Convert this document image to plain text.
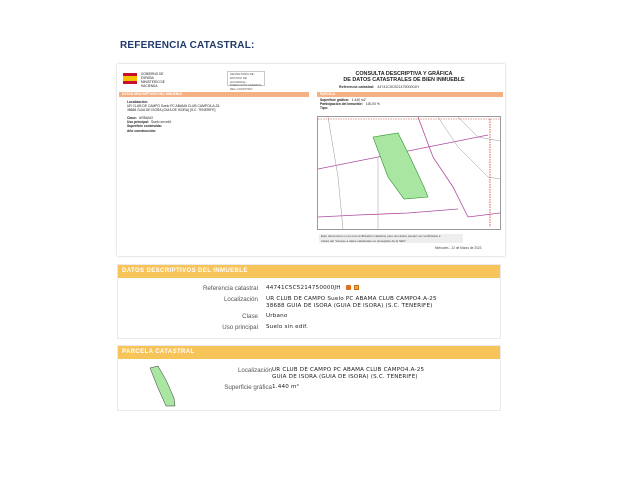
REFERENCIA CATASTRAL:
GOBIERNO DE ESPAÑA
MINISTERIO DE HACIENDA
SECRETARÍA DE ESTADO DE HACIENDA · DIRECCIÓN GENERAL DEL CATASTRO
CONSULTA DESCRIPTIVA Y GRÁFICA
DE DATOS CATASTRALES DE BIEN INMUEBLE
Referencia catastral: 44741C5C5214750000JH
DATOS DESCRIPTIVOS DEL INMUEBLE	PARCELA
Localización:
UR CLUB DE CAMPO Suelo PC ABAMA CLUB CAMPO4.A-25
38688 GUIA DE ISORA (GUIA DE ISORA) [S.C. TENERIFE]
Clase: URBANO
Uso principal: Suelo sin edif.
Superficie construida:
Año construcción:
Superficie gráfica: 1.440 m2
Participación del inmueble: 100,00 %
Tipo:
Este documento no es una certificación catastral, pero sus datos pueden ser verificados a
través del "Acceso a datos catastrales no protegidos de la SEC"
Miércoles , 22 de Marzo de 2023
DATOS DESCRIPTIVOS DEL INMUEBLE
Referencia catastral 44741C5C5214750000JH
Localización UR CLUB DE CAMPO Suelo PC ABAMA CLUB CAMPO4.A-25
38688 GUIA DE ISORA (GUIA DE ISORA) (S.C. TENERIFE)
Clase Urbano
Uso principal Suelo sin edif.
PARCELA CATASTRAL
Localización UR CLUB DE CAMPO PC ABAMA CLUB CAMPO4.A-25
GUIA DE ISORA (GUIA DE ISORA) (S.C. TENERIFE)
Superficie gráfica 1.440 m²
